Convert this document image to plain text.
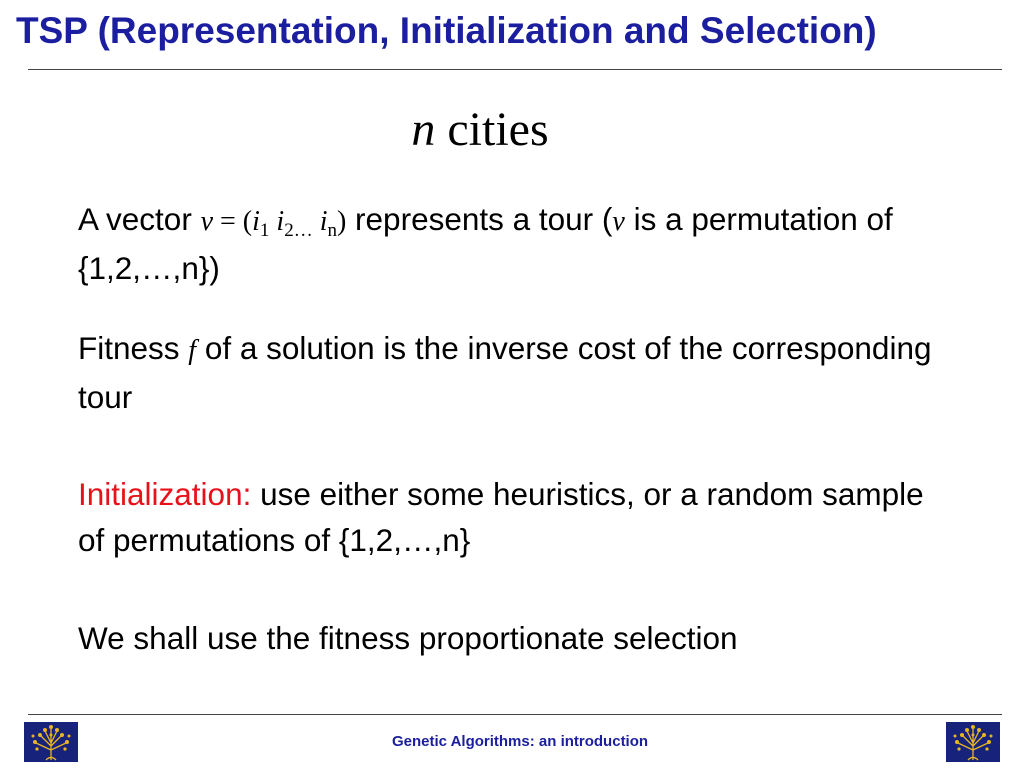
TSP (Representation, Initialization and Selection)
n cities
A vector $v = (i_1$ $i_{2\dots}$ $i_n$) represents a tour (v is a permutation of {1,2,…,n})
Fitness f of a solution is the inverse cost of the corresponding tour
Initialization: use either some heuristics, or a random sample of permutations of {1,2,…,n}
We shall use the fitness proportionate selection
Genetic Algorithms: an introduction
